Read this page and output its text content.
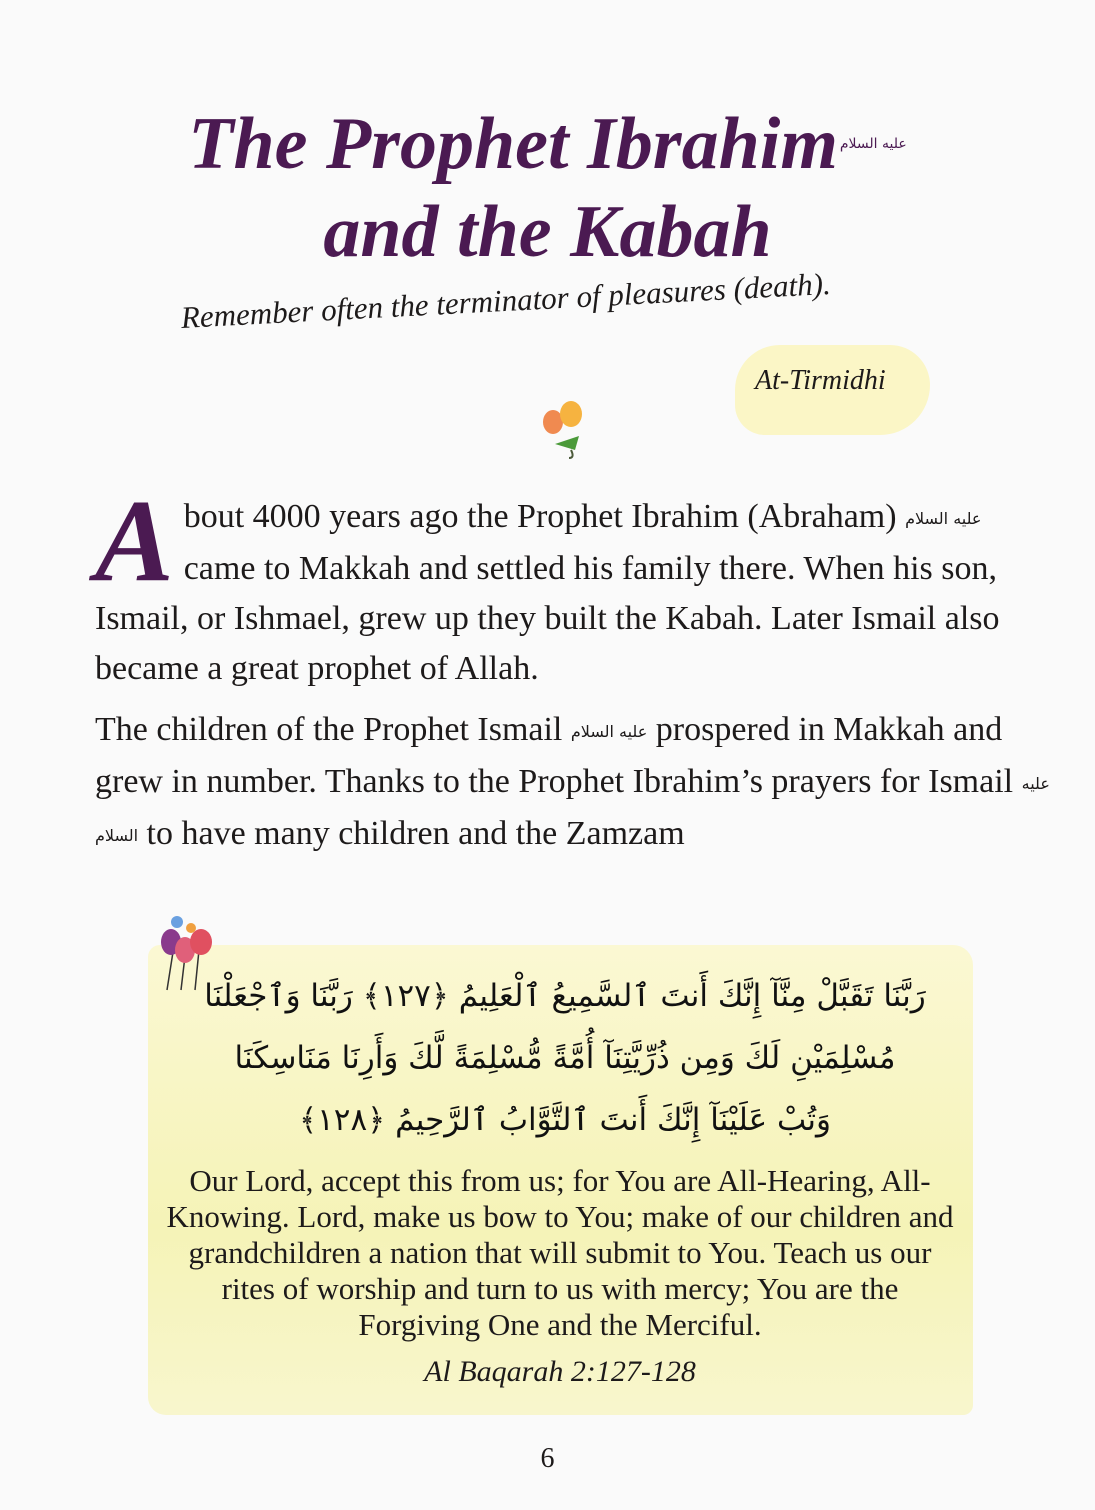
The Prophet Ibrahim $^{عليه السلام}$
and the Kabah
Remember often the terminator of pleasures (death).
At-Tirmidhi
About 4000 years ago the Prophet Ibrahim (Abraham) عليه السلام came to Makkah and settled his family there. When his son, Ismail, or Ishmael, grew up they built the Kabah. Later Ismail also became a great prophet of Allah.
The children of the Prophet Ismail عليه السلام prospered in Makkah and grew in number. Thanks to the Prophet Ibrahim’s prayers for Ismail عليه السلام to have many children and the Zamzam
رَبَّنَا تَقَبَّلْ مِنَّآ إِنَّكَ أَنتَ ٱلسَّمِيعُ ٱلْعَلِيمُ ﴿١٢٧﴾ رَبَّنَا وَٱجْعَلْنَا
مُسْلِمَيْنِ لَكَ وَمِن ذُرِّيَّتِنَآ أُمَّةً مُّسْلِمَةً لَّكَ وَأَرِنَا مَنَاسِكَنَا
وَتُبْ عَلَيْنَآ إِنَّكَ أَنتَ ٱلتَّوَّابُ ٱلرَّحِيمُ ﴿١٢٨﴾
Our Lord, accept this from us; for You are All-Hearing, All-Knowing. Lord, make us bow to You; make of our children and grandchildren a nation that will submit to You. Teach us our rites of worship and turn to us with mercy; You are the Forgiving One and the Merciful.
Al Baqarah 2:127-128
6
